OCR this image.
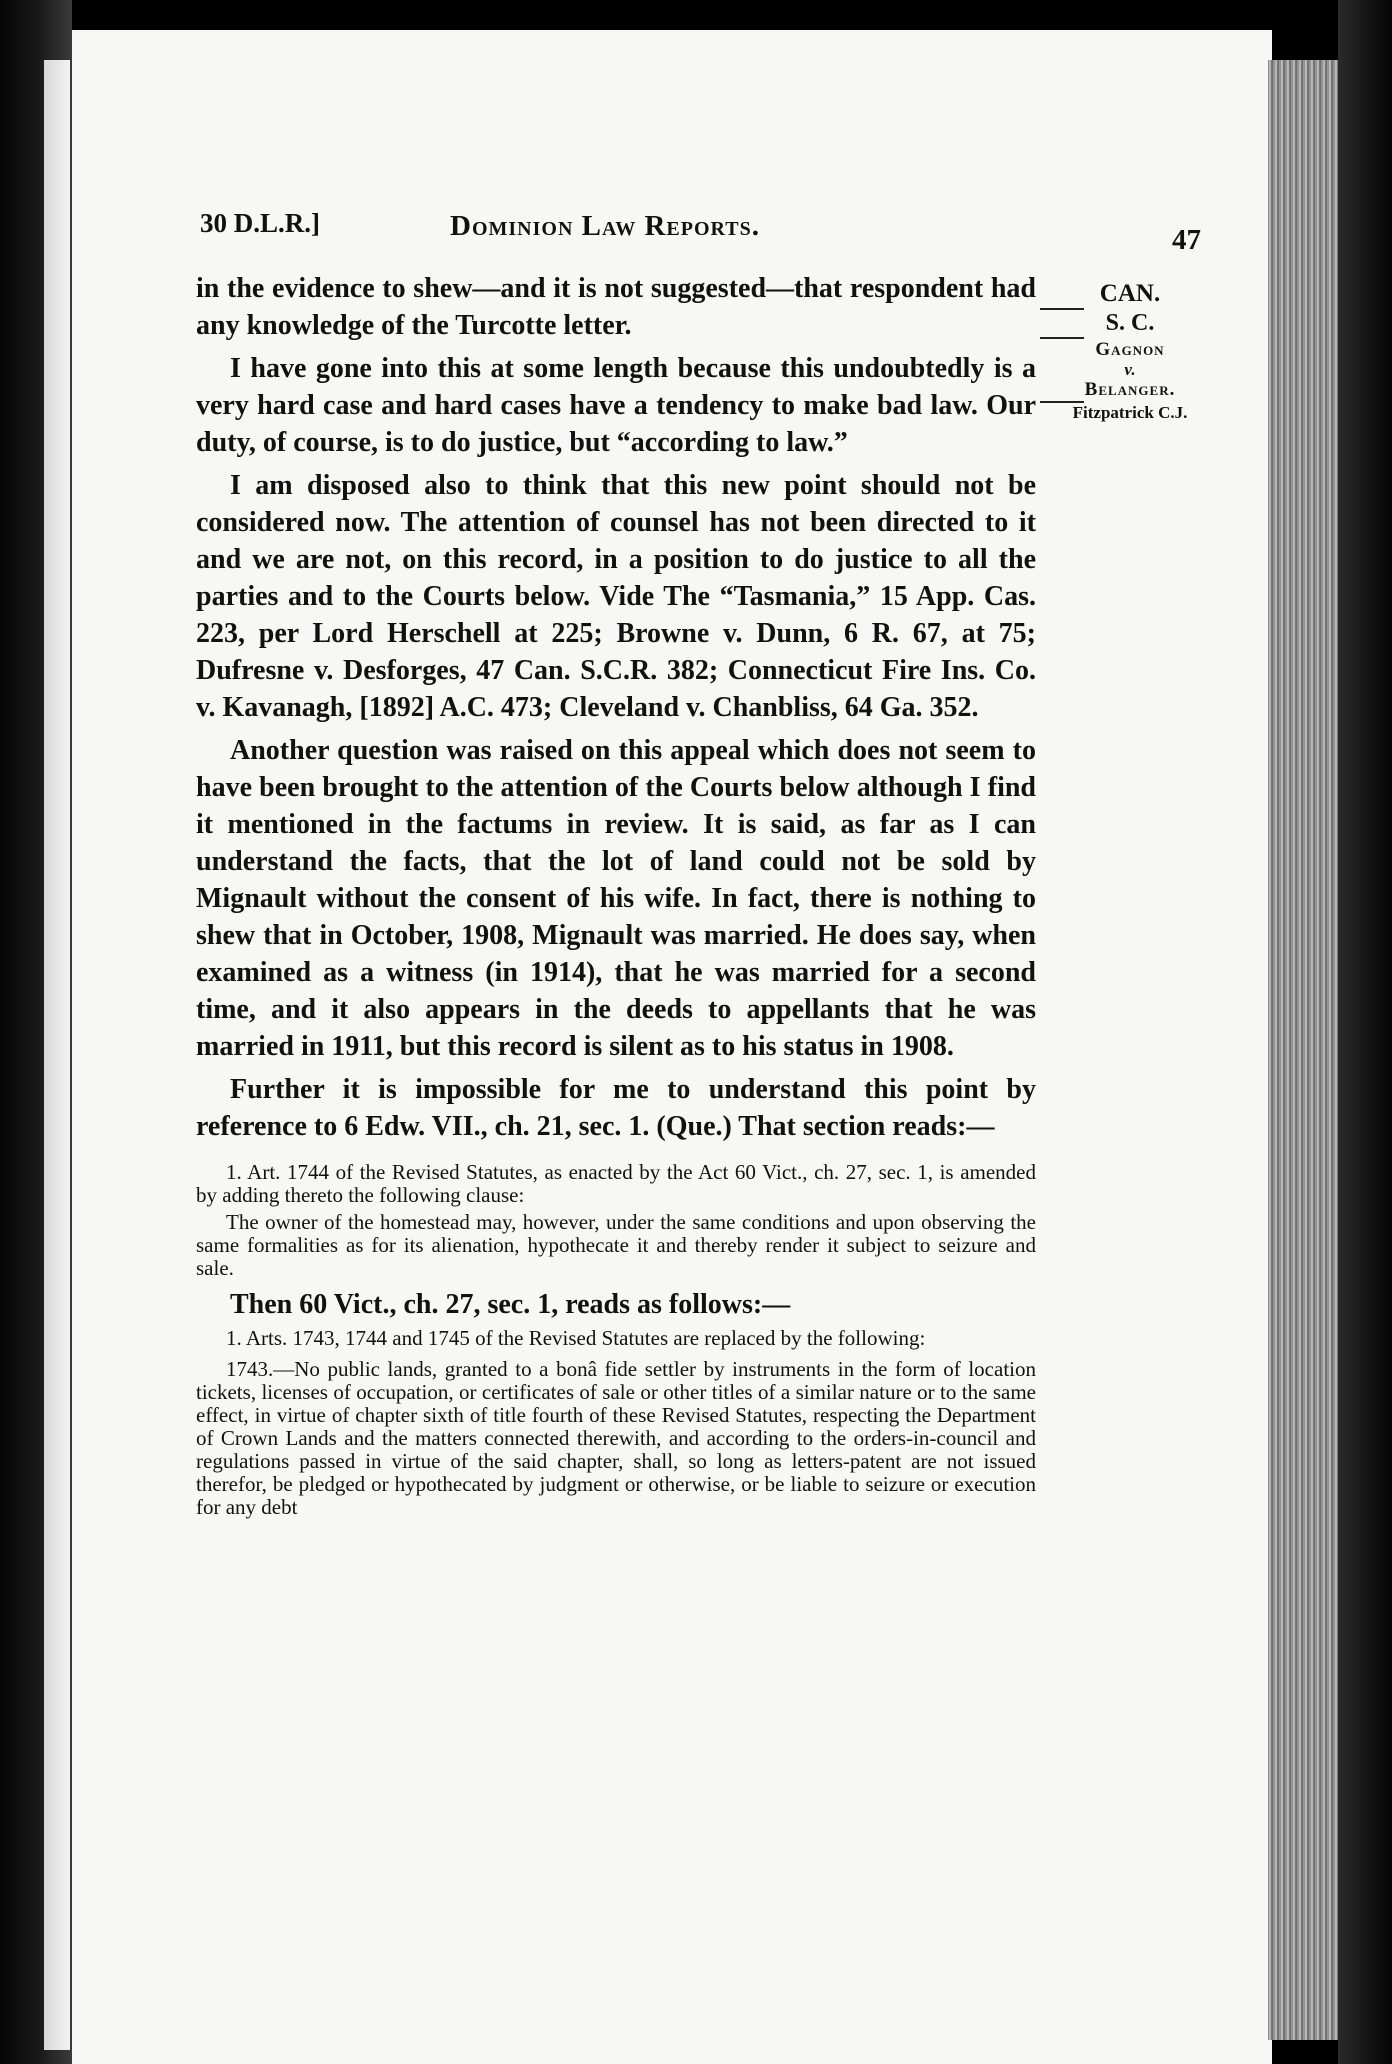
30 D.L.R.]	Dominion Law Reports.	47
CAN.
S. C.
Gagnon
v.
Belanger.
Fitzpatrick C.J.

in the evidence to shew—and it is not suggested—that respondent had any knowledge of the Turcotte letter.

I have gone into this at some length because this undoubtedly is a very hard case and hard cases have a tendency to make bad law. Our duty, of course, is to do justice, but “according to law.”

I am disposed also to think that this new point should not be considered now. The attention of counsel has not been directed to it and we are not, on this record, in a position to do justice to all the parties and to the Courts below. Vide The “Tasmania,” 15 App. Cas. 223, per Lord Herschell at 225; Browne v. Dunn, 6 R. 67, at 75; Dufresne v. Desforges, 47 Can. S.C.R. 382; Connecticut Fire Ins. Co. v. Kavanagh, [1892] A.C. 473; Cleveland v. Chanbliss, 64 Ga. 352.

Another question was raised on this appeal which does not seem to have been brought to the attention of the Courts below although I find it mentioned in the factums in review. It is said, as far as I can understand the facts, that the lot of land could not be sold by Mignault without the consent of his wife. In fact, there is nothing to shew that in October, 1908, Mignault was married. He does say, when examined as a witness (in 1914), that he was married for a second time, and it also appears in the deeds to appellants that he was married in 1911, but this record is silent as to his status in 1908.

Further it is impossible for me to understand this point by reference to 6 Edw. VII., ch. 21, sec. 1. (Que.) That section reads:—

1. Art. 1744 of the Revised Statutes, as enacted by the Act 60 Vict., ch. 27, sec. 1, is amended by adding thereto the following clause:

The owner of the homestead may, however, under the same conditions and upon observing the same formalities as for its alienation, hypothecate it and thereby render it subject to seizure and sale.

Then 60 Vict., ch. 27, sec. 1, reads as follows:—

1. Arts. 1743, 1744 and 1745 of the Revised Statutes are replaced by the following:

1743.—No public lands, granted to a bonâ fide settler by instruments in the form of location tickets, licenses of occupation, or certificates of sale or other titles of a similar nature or to the same effect, in virtue of chapter sixth of title fourth of these Revised Statutes, respecting the Department of Crown Lands and the matters connected therewith, and according to the orders-in-council and regulations passed in virtue of the said chapter, shall, so long as letters-patent are not issued therefor, be pledged or hypothecated by judgment or otherwise, or be liable to seizure or execution for any debt
